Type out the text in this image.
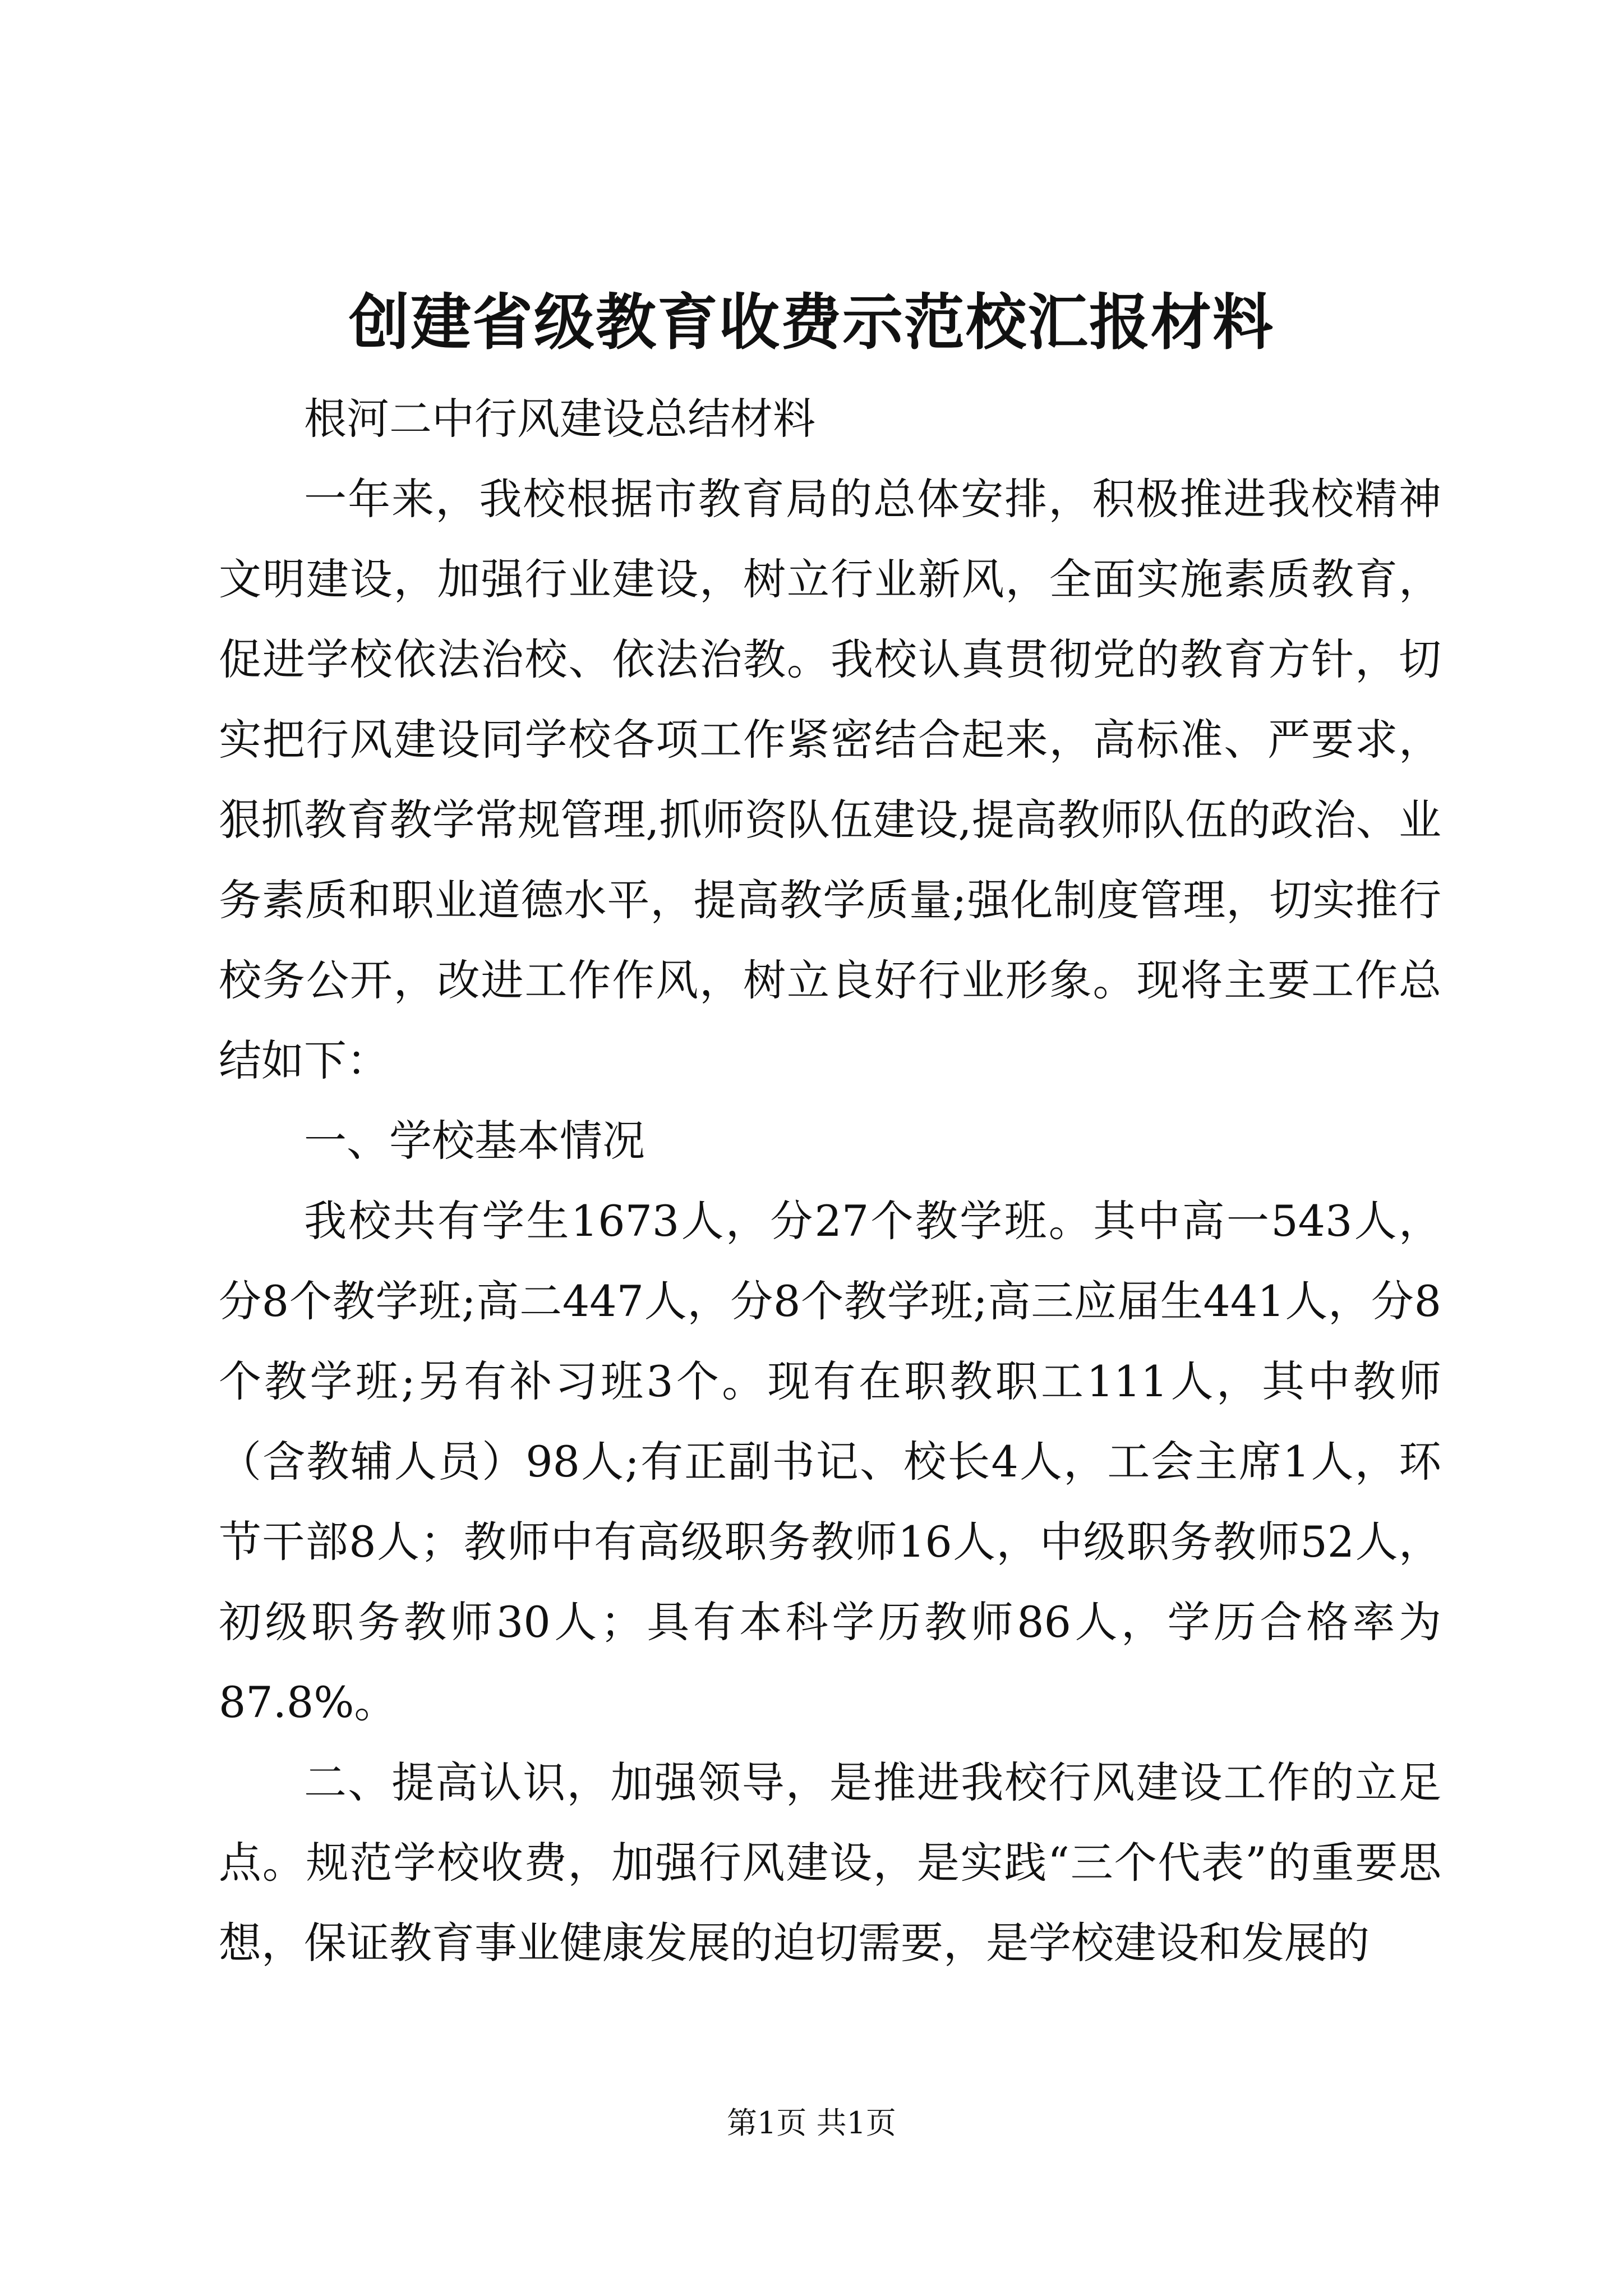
创建省级教育收费示范校汇报材料

根河二中行风建设总结材料

一年来，我校根据市教育局的总体安排，积极推进我校精神文明建设，加强行业建设，树立行业新风，全面实施素质教育，促进学校依法治校、依法治教。我校认真贯彻党的教育方针，切实把行风建设同学校各项工作紧密结合起来，高标准、严要求，狠抓教育教学常规管理,抓师资队伍建设,提高教师队伍的政治、业务素质和职业道德水平，提高教学质量;强化制度管理，切实推行校务公开，改进工作作风，树立良好行业形象。现将主要工作总结如下：

一、学校基本情况

我校共有学生1673人，分27个教学班。其中高一543人，分8个教学班;高二447人，分8个教学班;高三应届生441人，分8个教学班;另有补习班3个。现有在职教职工111人，其中教师（含教辅人员）98人;有正副书记、校长4人，工会主席1人，环节干部8人；教师中有高级职务教师16人，中级职务教师52人，初级职务教师30人；具有本科学历教师86人，学历合格率为87.8%。

二、提高认识，加强领导，是推进我校行风建设工作的立足点。规范学校收费，加强行风建设，是实践“三个代表”的重要思想，保证教育事业健康发展的迫切需要，是学校建设和发展的

第1页 共1页
